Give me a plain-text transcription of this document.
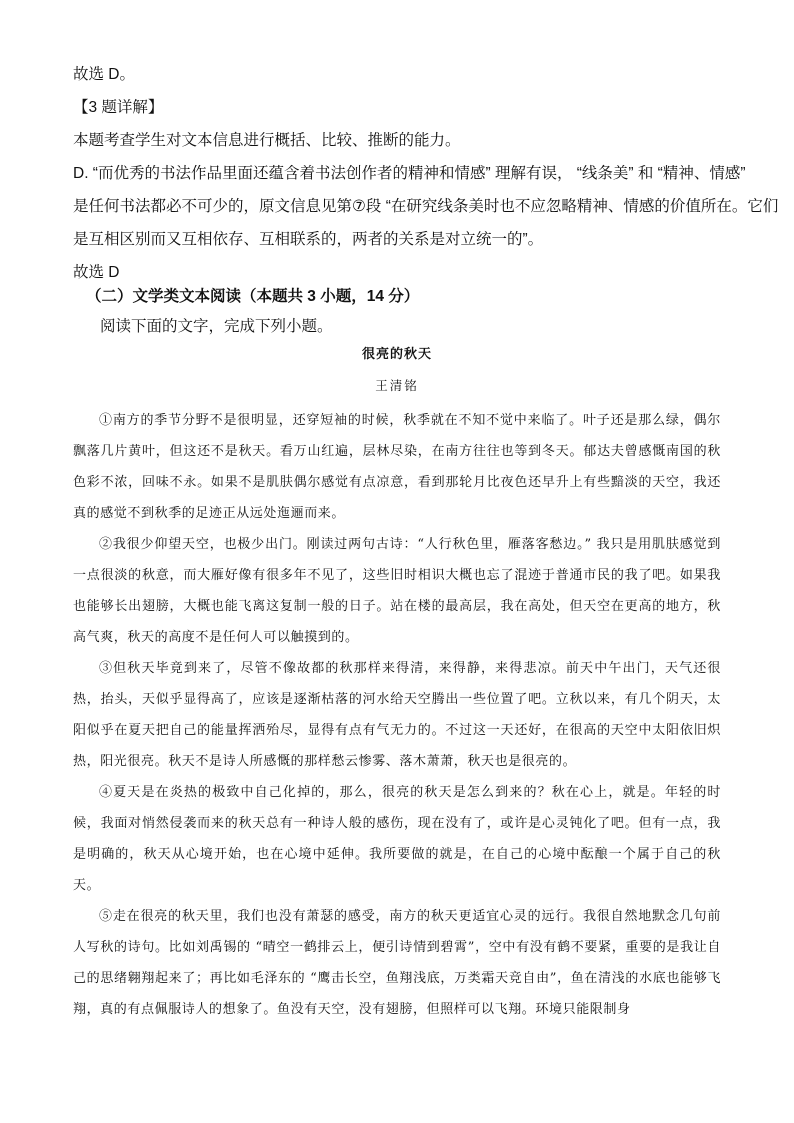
故选 D。
【3 题详解】
本题考查学生对文本信息进行概括、比较、推断的能力。
D. “而优秀的书法作品里面还蕴含着书法创作者的精神和情感” 理解有误， “线条美” 和 “精神、情感”
是任何书法都必不可少的，原文信息见第⑦段 “在研究线条美时也不应忽略精神、情感的价值所在。它们
是互相区别而又互相依存、互相联系的，两者的关系是对立统一的”。
故选 D
（二）文学类文本阅读（本题共 3 小题，14 分）
阅读下面的文字，完成下列小题。
很亮的秋天
王清铭
①南方的季节分野不是很明显，还穿短袖的时候，秋季就在不知不觉中来临了。叶子还是那么绿，偶尔飘落几片黄叶，但这还不是秋天。看万山红遍，层林尽染，在南方往往也等到冬天。郁达夫曾感慨南国的秋色彩不浓，回味不永。如果不是肌肤偶尔感觉有点凉意，看到那轮月比夜色还早升上有些黯淡的天空，我还真的感觉不到秋季的足迹正从远处迤逦而来。
②我很少仰望天空，也极少出门。刚读过两句古诗：“人行秋色里，雁落客愁边。” 我只是用肌肤感觉到一点很淡的秋意，而大雁好像有很多年不见了，这些旧时相识大概也忘了混迹于普通市民的我了吧。如果我也能够长出翅膀，大概也能飞离这复制一般的日子。站在楼的最高层，我在高处，但天空在更高的地方，秋高气爽，秋天的高度不是任何人可以触摸到的。
③但秋天毕竟到来了，尽管不像故都的秋那样来得清，来得静，来得悲凉。前天中午出门，天气还很热，抬头，天似乎显得高了，应该是逐渐枯落的河水给天空腾出一些位置了吧。立秋以来，有几个阴天，太阳似乎在夏天把自己的能量挥洒殆尽，显得有点有气无力的。不过这一天还好，在很高的天空中太阳依旧炽热，阳光很亮。秋天不是诗人所感慨的那样愁云惨雾、落木萧萧，秋天也是很亮的。
④夏天是在炎热的极致中自己化掉的，那么，很亮的秋天是怎么到来的？秋在心上，就是。年轻的时候，我面对悄然侵袭而来的秋天总有一种诗人般的感伤，现在没有了，或许是心灵钝化了吧。但有一点，我是明确的，秋天从心境开始，也在心境中延伸。我所要做的就是，在自己的心境中酝酿一个属于自己的秋天。
⑤走在很亮的秋天里，我们也没有萧瑟的感受，南方的秋天更适宜心灵的远行。我很自然地默念几句前人写秋的诗句。比如刘禹锡的 “晴空一鹤排云上，便引诗情到碧霄”，空中有没有鹤不要紧，重要的是我让自己的思绪翱翔起来了；再比如毛泽东的 “鹰击长空，鱼翔浅底，万类霜天竞自由”，鱼在清浅的水底也能够飞翔，真的有点佩服诗人的想象了。鱼没有天空，没有翅膀，但照样可以飞翔。环境只能限制身
